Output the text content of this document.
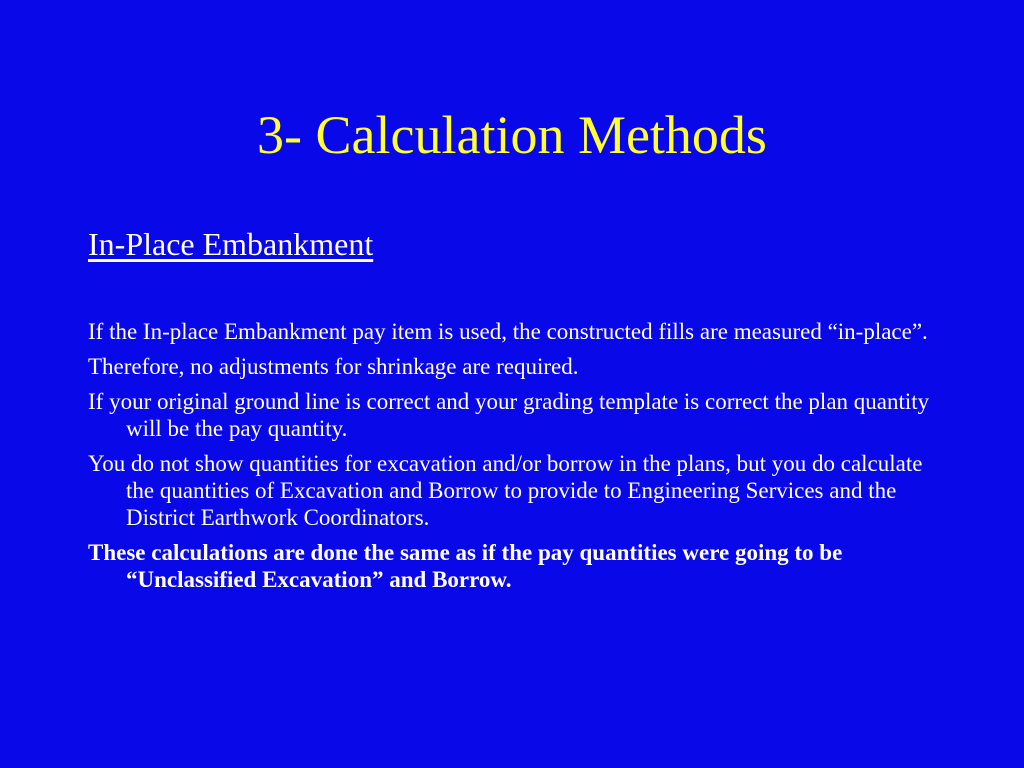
3- Calculation Methods
In-Place Embankment

If the In-place Embankment pay item is used, the constructed fills are measured “in-place”.

Therefore, no adjustments for shrinkage are required.

If your original ground line is correct and your grading template is correct the plan quantity will be the pay quantity.

You do not show quantities for excavation and/or borrow in the plans, but you do calculate the quantities of Excavation and Borrow to provide to Engineering Services and the District Earthwork Coordinators.

These calculations are done the same as if the pay quantities were going to be “Unclassified Excavation” and Borrow.
